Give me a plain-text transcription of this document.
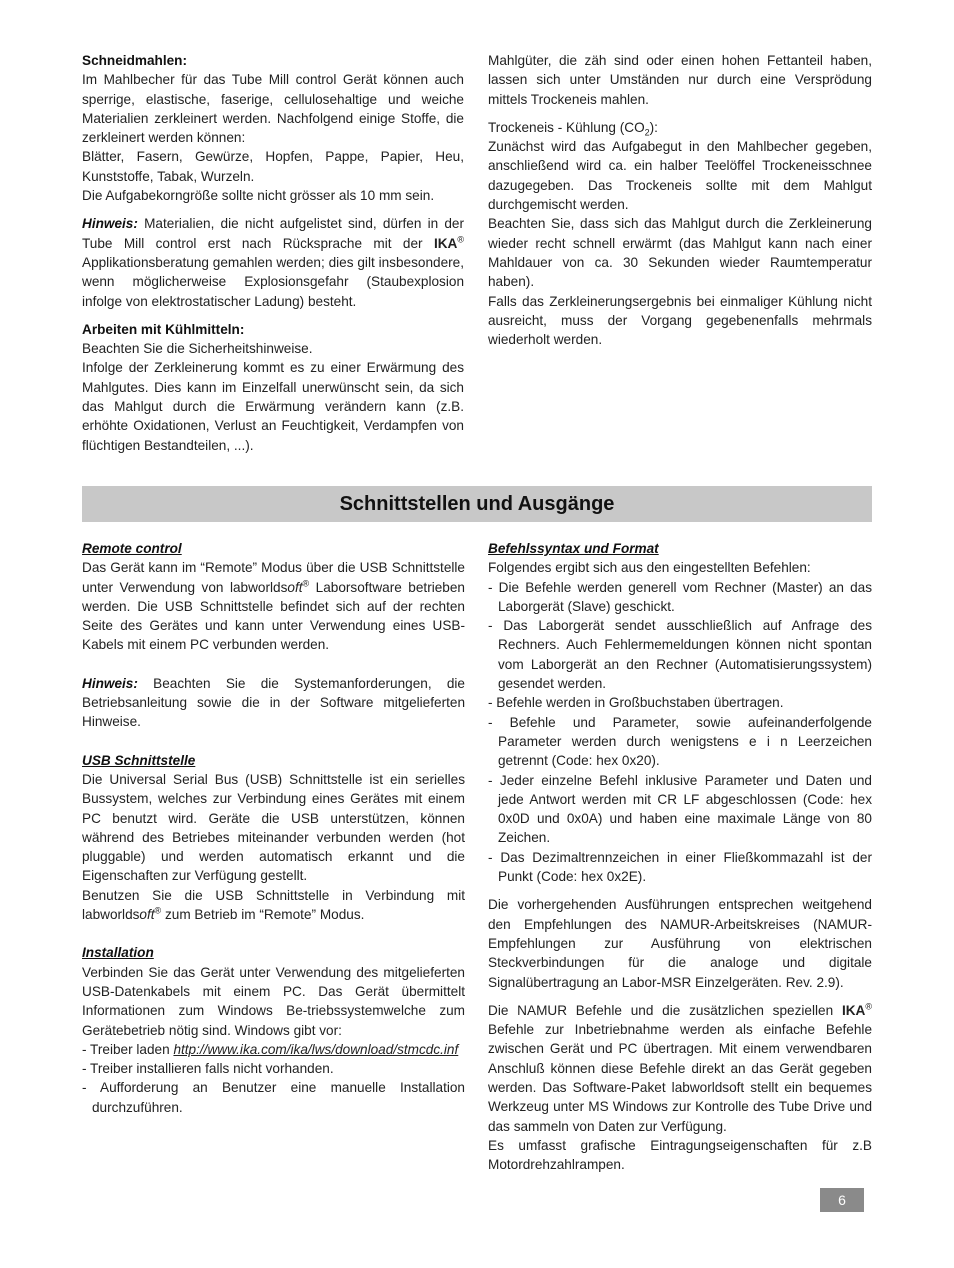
Schneidmahlen:

Im Mahlbecher für das Tube Mill control Gerät können auch sperrige, elastische, faserige, cellulosehaltige und weiche Materialien zerkleinert werden. Nachfolgend einige Stoffe, die zerkleinert werden können:

Blätter, Fasern, Gewürze, Hopfen, Pappe, Papier, Heu, Kunststoffe, Tabak, Wurzeln.

Die Aufgabekorngröße sollte nicht grösser als 10 mm sein.

Hinweis: Materialien, die nicht aufgelistet sind, dürfen in der Tube Mill control erst nach Rücksprache mit der IKA® Applikationsberatung gemahlen werden; dies gilt insbesondere, wenn möglicherweise Explosionsgefahr (Staubexplosion infolge von elektrostatischer Ladung) besteht.

Arbeiten mit Kühlmitteln:

Beachten Sie die Sicherheitshinweise.

Infolge der Zerkleinerung kommt es zu einer Erwärmung des Mahlgutes. Dies kann im Einzelfall unerwünscht sein, da sich das Mahlgut durch die Erwärmung verändern kann (z.B. erhöhte Oxidationen, Verlust an Feuchtigkeit, Verdampfen von flüchtigen Bestandteilen, ...).

Mahlgüter, die zäh sind oder einen hohen Fettanteil haben, lassen sich unter Umständen nur durch eine Versprödung mittels Trockeneis mahlen.

Trockeneis - Kühlung $(CO_2)$:

Zunächst wird das Aufgabegut in den Mahlbecher gegeben, anschließend wird ca. ein halber Teelöffel Trockeneisschnee dazugegeben. Das Trockeneis sollte mit dem Mahlgut durchgemischt werden.

Beachten Sie, dass sich das Mahlgut durch die Zerkleinerung wieder recht schnell erwärmt (das Mahlgut kann nach einer Mahldauer von ca. 30 Sekunden wieder Raumtemperatur haben).

Falls das Zerkleinerungsergebnis bei einmaliger Kühlung nicht ausreicht, muss der Vorgang gegebenenfalls mehrmals wiederholt werden.

Schnittstellen und Ausgänge

Remote control

Das Gerät kann im “Remote” Modus über die USB Schnittstelle unter Verwendung von labworldsoft® Laborsoftware betrieben werden. Die USB Schnittstelle befindet sich auf der rechten Seite des Gerätes und kann unter Verwendung eines USB-Kabels mit einem PC verbunden werden.

Hinweis: Beachten Sie die Systemanforderungen, die Betriebsanleitung sowie die in der Software mitgelieferten Hinweise.

USB Schnittstelle

Die Universal Serial Bus (USB) Schnittstelle ist ein serielles Bussystem, welches zur Verbindung eines Gerätes mit einem PC benutzt wird. Geräte die USB unterstützen, können während des Betriebes miteinander verbunden werden (hot pluggable) und werden automatisch erkannt und die Eigenschaften zur Verfügung gestellt.

Benutzen Sie die USB Schnittstelle in Verbindung mit labworldsoft® zum Betrieb im “Remote” Modus.

Installation

Verbinden Sie das Gerät unter Verwendung des mitgelieferten USB-Datenkabels mit einem PC. Das Gerät übermittelt Informationen zum Windows Be-triebssystemwelche zum Gerätebetrieb nötig sind. Windows gibt vor:

- Treiber laden http://www.ika.com/ika/lws/download/stmcdc.inf

- Treiber installieren falls nicht vorhanden.

- Aufforderung an Benutzer eine manuelle Installation durchzuführen.

Befehlssyntax und Format

Folgendes ergibt sich aus den eingestellten Befehlen:

- Die Befehle werden generell vom Rechner (Master) an das Laborgerät (Slave) geschickt.

- Das Laborgerät sendet ausschließlich auf Anfrage des Rechners. Auch Fehlermemeldungen können nicht spontan vom Laborgerät an den Rechner (Automatisierungssystem) gesendet werden.

- Befehle werden in Großbuchstaben übertragen.

- Befehle und Parameter, sowie aufeinanderfolgende Parameter werden durch wenigstens e i n Leerzeichen getrennt (Code: hex 0x20).

- Jeder einzelne Befehl inklusive Parameter und Daten und jede Antwort werden mit CR LF abgeschlossen (Code: hex 0x0D und 0x0A) und haben eine maximale Länge von 80 Zeichen.

- Das Dezimaltrennzeichen in einer Fließkommazahl ist der Punkt (Code: hex 0x2E).

Die vorhergehenden Ausführungen entsprechen weitgehend den Empfehlungen des NAMUR-Arbeitskreises (NAMUR-Empfehlungen zur Ausführung von elektrischen Steckverbindungen für die analoge und digitale Signalübertragung an Labor-MSR Einzelgeräten. Rev. 2.9).

Die NAMUR Befehle und die zusätzlichen speziellen IKA® Befehle zur Inbetriebnahme werden als einfache Befehle zwischen Gerät und PC übertragen. Mit einem verwendbaren Anschluß können diese Befehle direkt an das Gerät gegeben werden. Das Software-Paket labworldsoft stellt ein bequemes Werkzeug unter MS Windows zur Kontrolle des Tube Drive und das sammeln von Daten zur Verfügung.

Es umfasst grafische Eintragungseigenschaften für z.B Motordrehzahlrampen.

6
